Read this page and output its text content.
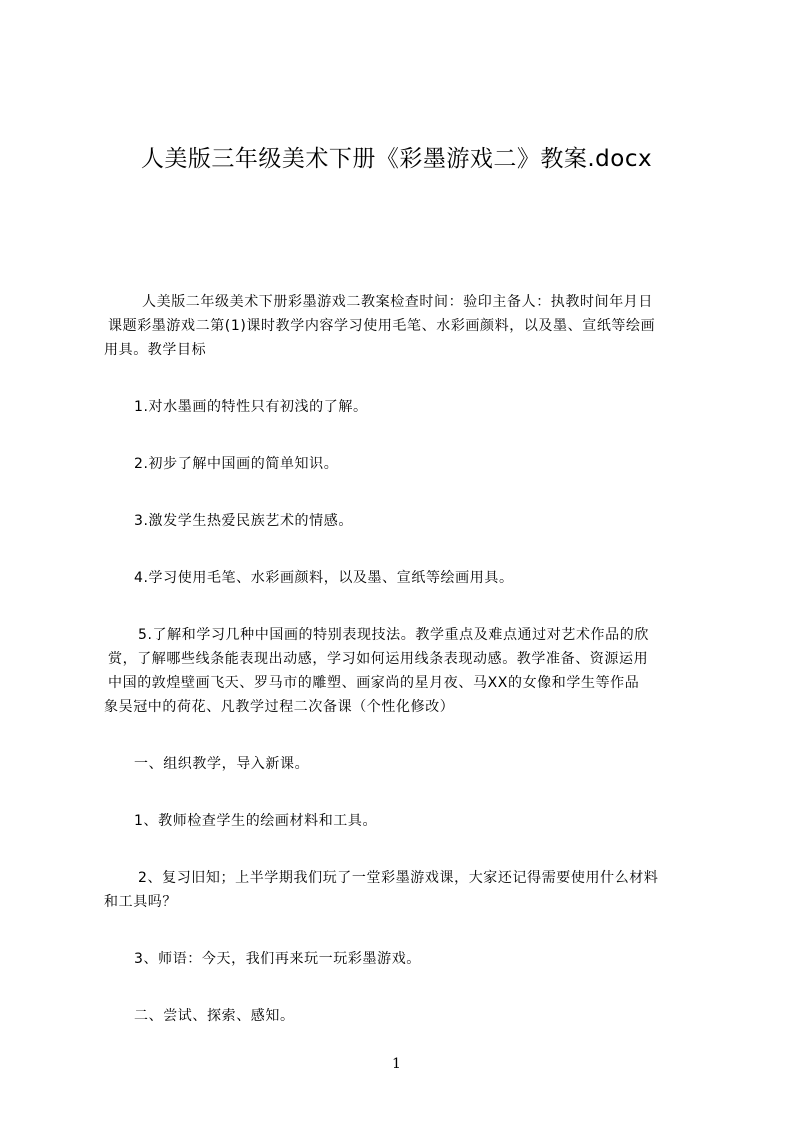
人美版三年级美术下册《彩墨游戏二》教案.docx

人美版二年级美术下册彩墨游戏二教案检查时间：验印主备人：执教时间年月日

课题彩墨游戏二第(1)课时教学内容学习使用毛笔、水彩画颜料，以及墨、宣纸等绘画

用具。教学目标

1.对水墨画的特性只有初浅的了解。

2.初步了解中国画的简单知识。

3.激发学生热爱民族艺术的情感。

4.学习使用毛笔、水彩画颜料，以及墨、宣纸等绘画用具。

5.了解和学习几种中国画的特别表现技法。教学重点及难点通过对艺术作品的欣

赏，了解哪些线条能表现出动感，学习如何运用线条表现动感。教学准备、资源运用

中国的敦煌壁画飞天、罗马市的雕塑、画家尚的星月夜、马XX的女像和学生等作品

象吴冠中的荷花、凡教学过程二次备课（个性化修改）

一、组织教学，导入新课。

1、教师检查学生的绘画材料和工具。

2、复习旧知；上半学期我们玩了一堂彩墨游戏课，大家还记得需要使用什么材料

和工具吗？

3、师语：今天，我们再来玩一玩彩墨游戏。

二、尝试、探索、感知。

1
